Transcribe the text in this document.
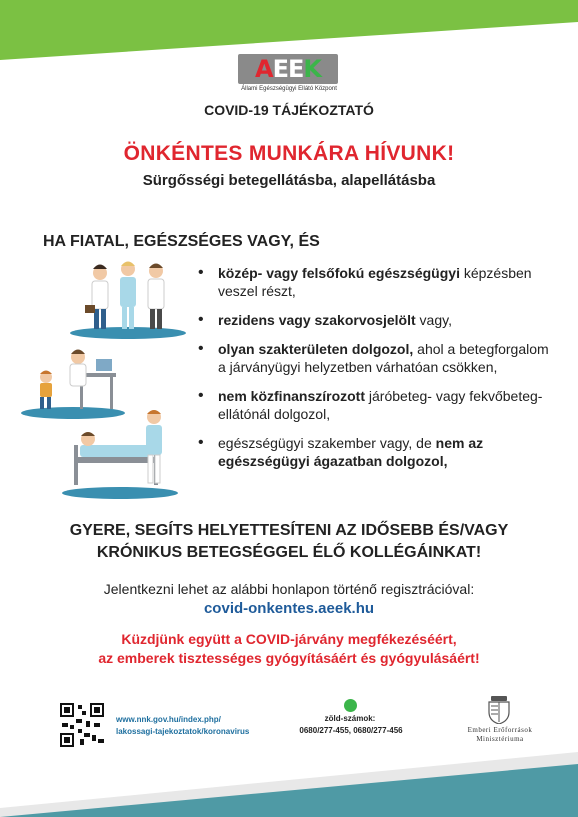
A E E K
Állami Egészségügyi Ellátó Központ
COVID-19 TÁJÉKOZTATÓ
ÖNKÉNTES MUNKÁRA HÍVUNK!
Sürgősségi betegellátásba, alapellátásba
HA FIATAL, EGÉSZSÉGES VAGY, ÉS
• közép- vagy felsőfokú egészségügyi képzésben veszel részt,
• rezidens vagy szakorvosjelölt vagy,
• olyan szakterületen dolgozol, ahol a betegforgalom a járványügyi helyzetben várhatóan csökken,
• nem közfinanszírozott járóbeteg- vagy fekvőbeteg-ellátónál dolgozol,
• egészségügyi szakember vagy, de nem az egészségügyi ágazatban dolgozol,
GYERE, SEGÍTS HELYETTESÍTENI AZ IDŐSEBB ÉS/VAGY
KRÓNIKUS BETEGSÉGGEL ÉLŐ KOLLÉGÁINKAT!
Jelentkezni lehet az alábbi honlapon történő regisztrációval:
covid-onkentes.aeek.hu
Küzdjünk együtt a COVID-járvány megfékezéséért,
az emberek tisztességes gyógyításáért és gyógyulásáért!
www.nnk.gov.hu/index.php/
lakossagi-tajekoztatok/koronavirus
zöld-számok:
0680/277-455, 0680/277-456	Emberi Erőforrások
Minisztériuma
